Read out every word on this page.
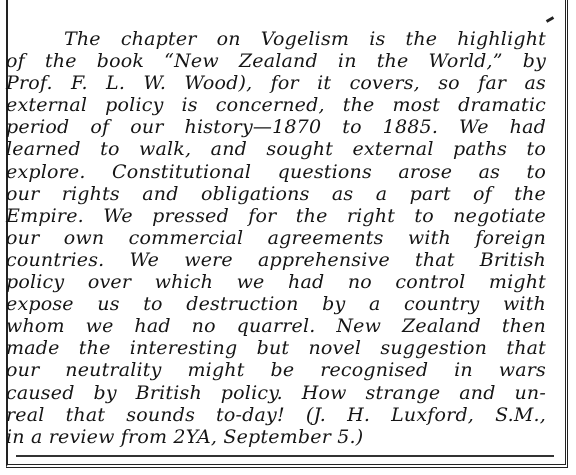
The chapter on Vogelism is the highlight
of the book “New Zealand in the World,” by
Prof. F. L. W. Wood), for it covers, so far as
external policy is concerned, the most dramatic
period of our history—1870 to 1885. We had
learned to walk, and sought external paths to
explore. Constitutional questions arose as to
our rights and obligations as a part of the
Empire. We pressed for the right to negotiate
our own commercial agreements with foreign
countries. We were apprehensive that British
policy over which we had no control might
expose us to destruction by a country with
whom we had no quarrel. New Zealand then
made the interesting but novel suggestion that
our neutrality might be recognised in wars
caused by British policy. How strange and un-
real that sounds to-day! (J. H. Luxford, S.M.,
in a review from 2YA, September 5.)
